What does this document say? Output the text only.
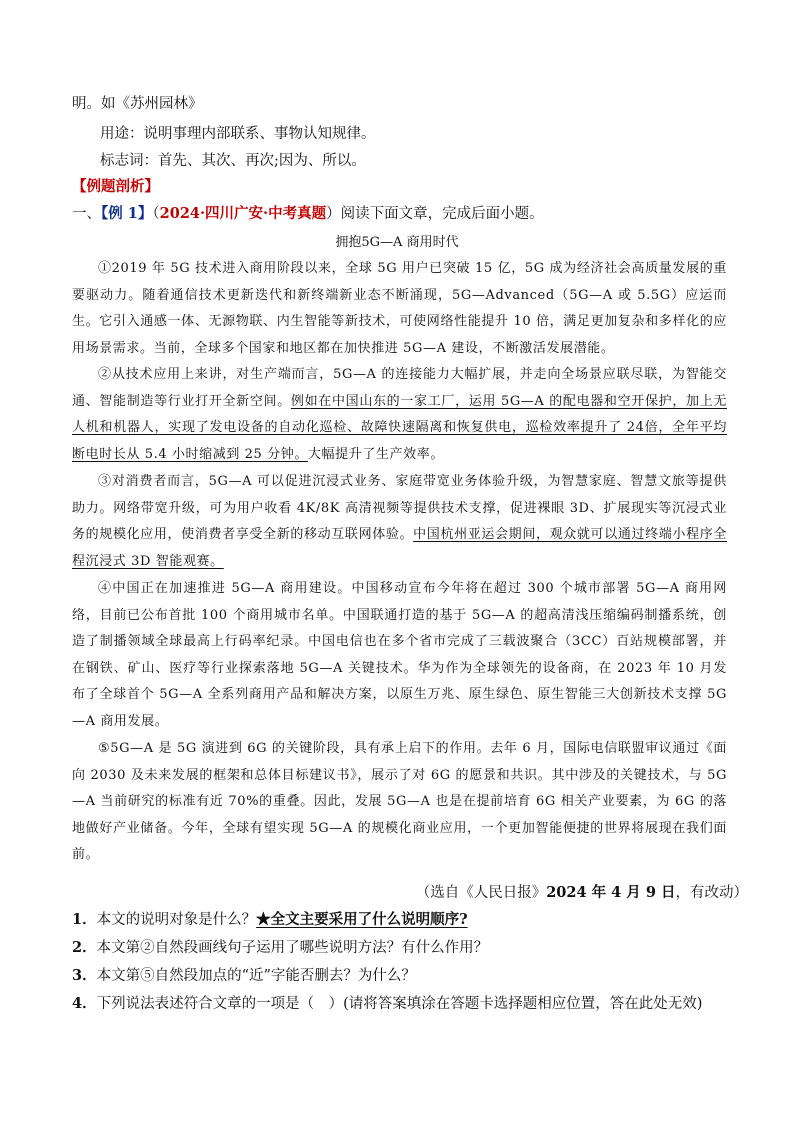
明。如《苏州园林》
用途：说明事理内部联系、事物认知规律。
标志词：首先、其次、再次;因为、所以。
【例题剖析】
一、【例 1】（2024·四川广安·中考真题）阅读下面文章，完成后面小题。
拥抱5G—A 商用时代
①2019 年 5G 技术进入商用阶段以来，全球 5G 用户已突破 15 亿，5G 成为经济社会高质量发展的重要驱动力。随着通信技术更新迭代和新终端新业态不断涌现，5G—Advanced（5G—A 或 5.5G）应运而生。它引入通感一体、无源物联、内生智能等新技术，可使网络性能提升 10 倍，满足更加复杂和多样化的应用场景需求。当前，全球多个国家和地区都在加快推进 5G—A 建设，不断激活发展潜能。
②从技术应用上来讲，对生产端而言，5G—A 的连接能力大幅扩展，并走向全场景应联尽联，为智能交通、智能制造等行业打开全新空间。例如在中国山东的一家工厂，运用 5G—A 的配电器和空开保护，加上无人机和机器人，实现了发电设备的自动化巡检、故障快速隔离和恢复供电，巡检效率提升了 24倍，全年平均断电时长从 5.4 小时缩减到 25 分钟。大幅提升了生产效率。
③对消费者而言，5G—A 可以促进沉浸式业务、家庭带宽业务体验升级，为智慧家庭、智慧文旅等提供助力。网络带宽升级，可为用户收看 4K/8K 高清视频等提供技术支撑，促进裸眼 3D、扩展现实等沉浸式业务的规模化应用，使消费者享受全新的移动互联网体验。中国杭州亚运会期间，观众就可以通过终端小程序全程沉浸式 3D 智能观赛。
④中国正在加速推进 5G—A 商用建设。中国移动宣布今年将在超过 300 个城市部署 5G—A 商用网络，目前已公布首批 100 个商用城市名单。中国联通打造的基于 5G—A 的超高清浅压缩编码制播系统，创造了制播领域全球最高上行码率纪录。中国电信也在多个省市完成了三载波聚合（3CC）百站规模部署，并在钢铁、矿山、医疗等行业探索落地 5G—A 关键技术。华为作为全球领先的设备商，在 2023 年 10 月发布了全球首个 5G—A 全系列商用产品和解决方案，以原生万兆、原生绿色、原生智能三大创新技术支撑 5G—A 商用发展。
⑤5G—A 是 5G 演进到 6G 的关键阶段，具有承上启下的作用。去年 6 月，国际电信联盟审议通过《面向 2030 及未来发展的框架和总体目标建议书》，展示了对 6G 的愿景和共识。其中涉及的关键技术，与 5G—A 当前研究的标准有近 70%的重叠。因此，发展 5G—A 也是在提前培育 6G 相关产业要素，为 6G 的落地做好产业储备。今年，全球有望实现 5G—A 的规模化商业应用，一个更加智能便捷的世界将展现在我们面前。
（选自《人民日报》2024 年 4 月 9 日，有改动）
1．本文的说明对象是什么？★全文主要采用了什么说明顺序?
2．本文第②自然段画线句子运用了哪些说明方法？有什么作用？
3．本文第⑤自然段加点的“近”字能否删去？为什么？
4．下列说法表述符合文章的一项是（　）(请将答案填涂在答题卡选择题相应位置，答在此处无效)
